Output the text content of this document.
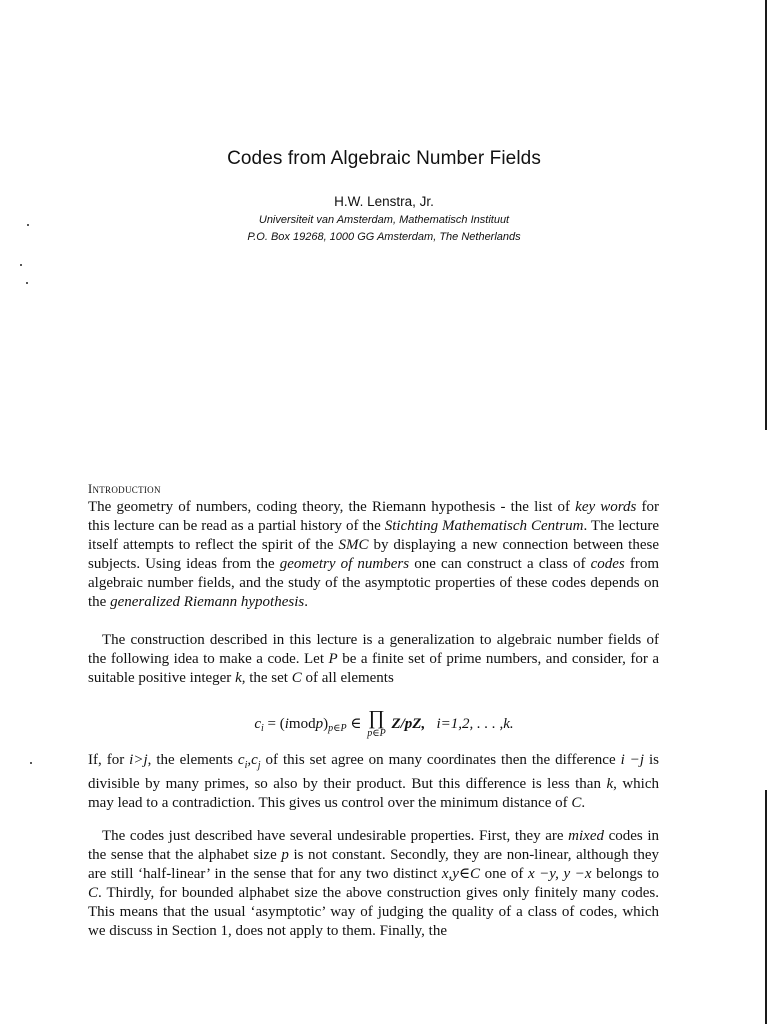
Codes from Algebraic Number Fields
H.W. Lenstra, Jr.
Universiteit van Amsterdam, Mathematisch Instituut
P.O. Box 19268, 1000 GG Amsterdam, The Netherlands
Introduction

The geometry of numbers, coding theory, the Riemann hypothesis - the list of key words for this lecture can be read as a partial history of the Stichting Mathematisch Centrum. The lecture itself attempts to reflect the spirit of the SMC by displaying a new connection between these subjects. Using ideas from the geometry of numbers one can construct a class of codes from algebraic number fields, and the study of the asymptotic properties of these codes depends on the generalized Riemann hypothesis.

The construction described in this lecture is a generalization to algebraic number fields of the following idea to make a code. Let P be a finite set of prime numbers, and consider, for a suitable positive integer k, the set C of all elements

$c_i$ = $(imodp)_{p\in P}$ ∈ ∏
p∈P
Z/pZ, i=1,2, . . . ,k.

If, for i>j, the elements $c_i,c_j$ of this set agree on many coordinates then the difference i −j is divisible by many primes, so also by their product. But this difference is less than k, which may lead to a contradiction. This gives us control over the minimum distance of C.

The codes just described have several undesirable properties. First, they are mixed codes in the sense that the alphabet size p is not constant. Secondly, they are non-linear, although they are still ‘half-linear’ in the sense that for any two distinct x,y∈C one of x −y, y −x belongs to C. Thirdly, for bounded alphabet size the above construction gives only finitely many codes. This means that the usual ‘asymptotic’ way of judging the quality of a class of codes, which we discuss in Section 1, does not apply to them. Finally, the
